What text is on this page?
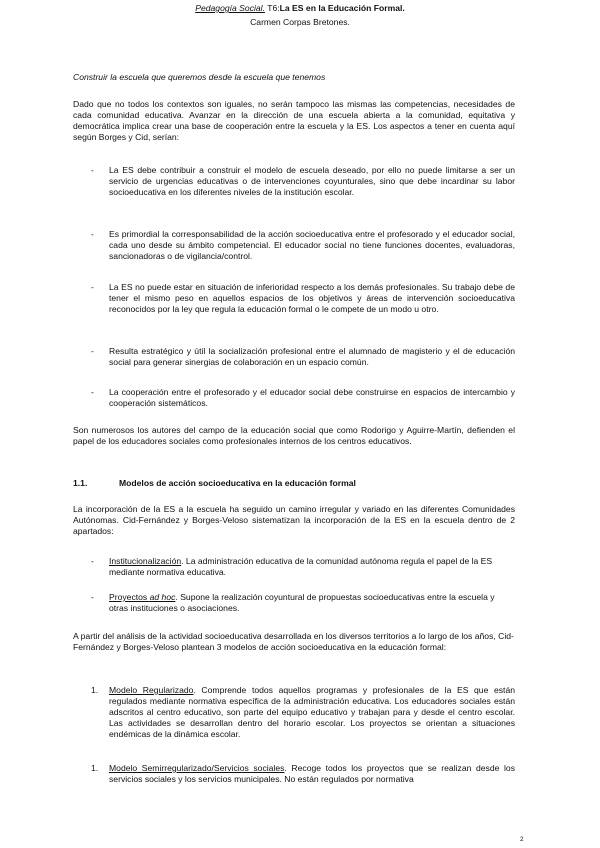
Pedagogía Social. T6:La ES en la Educación Formal.
Carmen Corpas Bretones.

Construir la escuela que queremos desde la escuela que tenemos

Dado que no todos los contextos son iguales, no serán tampoco las mismas las competencias, necesidades de cada comunidad educativa. Avanzar en la dirección de una escuela abierta a la comunidad, equitativa y democrática implica crear una base de cooperación entre la escuela y la ES. Los aspectos a tener en cuenta aquí según Borges y Cid, serían:

- La ES debe contribuir a construir el modelo de escuela deseado, por ello no puede limitarse a ser un servicio de urgencias educativas o de intervenciones coyunturales, sino que debe incardinar su labor socioeducativa en los diferentes niveles de la institución escolar.

- Es primordial la corresponsabilidad de la acción socioeducativa entre el profesorado y el educador social, cada uno desde su ámbito competencial. El educador social no tiene funciones docentes, evaluadoras, sancionadoras o de vigilancia/control.

- La ES no puede estar en situación de inferioridad respecto a los demás profesionales. Su trabajo debe de tener el mismo peso en aquellos espacios de los objetivos y áreas de intervención socioeducativa reconocidos por la ley que regula la educación formal o le compete de un modo u otro.

- Resulta estratégico y útil la socialización profesional entre el alumnado de magisterio y el de educación social para generar sinergias de colaboración en un espacio común.

- La cooperación entre el profesorado y el educador social debe construirse en espacios de intercambio y cooperación sistemáticos.

Son numerosos los autores del campo de la educación social que como Rodorigo y Aguirre-Martín, defienden el papel de los educadores sociales como profesionales internos de los centros educativos.

1.1.	Modelos de acción socioeducativa en la educación formal

La incorporación de la ES a la escuela ha seguido un camino irregular y variado en las diferentes Comunidades Autónomas. Cid-Fernández y Borges-Veloso sistematizan la incorporación de la ES en la escuela dentro de 2 apartados:

- Institucionalización. La administración educativa de la comunidad autónoma regula el papel de la ES mediante normativa educativa.

- Proyectos ad hoc. Supone la realización coyuntural de propuestas socioeducativas entre la escuela y otras instituciones o asociaciones.

A partir del análisis de la actividad socioeducativa desarrollada en los diversos territorios a lo largo de los años, Cid-Fernández y Borges-Veloso plantean 3 modelos de acción socioeducativa en la educación formal:

1. Modelo Regularizado. Comprende todos aquellos programas y profesionales de la ES que están regulados mediante normativa específica de la administración educativa. Los educadores sociales están adscritos al centro educativo, son parte del equipo educativo y trabajan para y desde el centro escolar. Las actividades se desarrollan dentro del horario escolar. Los proyectos se orientan a situaciones endémicas de la dinámica escolar.

1. Modelo Semirregularizado/Servicios sociales. Recoge todos los proyectos que se realizan desde los servicios sociales y los servicios municipales. No están regulados por normativa

2
